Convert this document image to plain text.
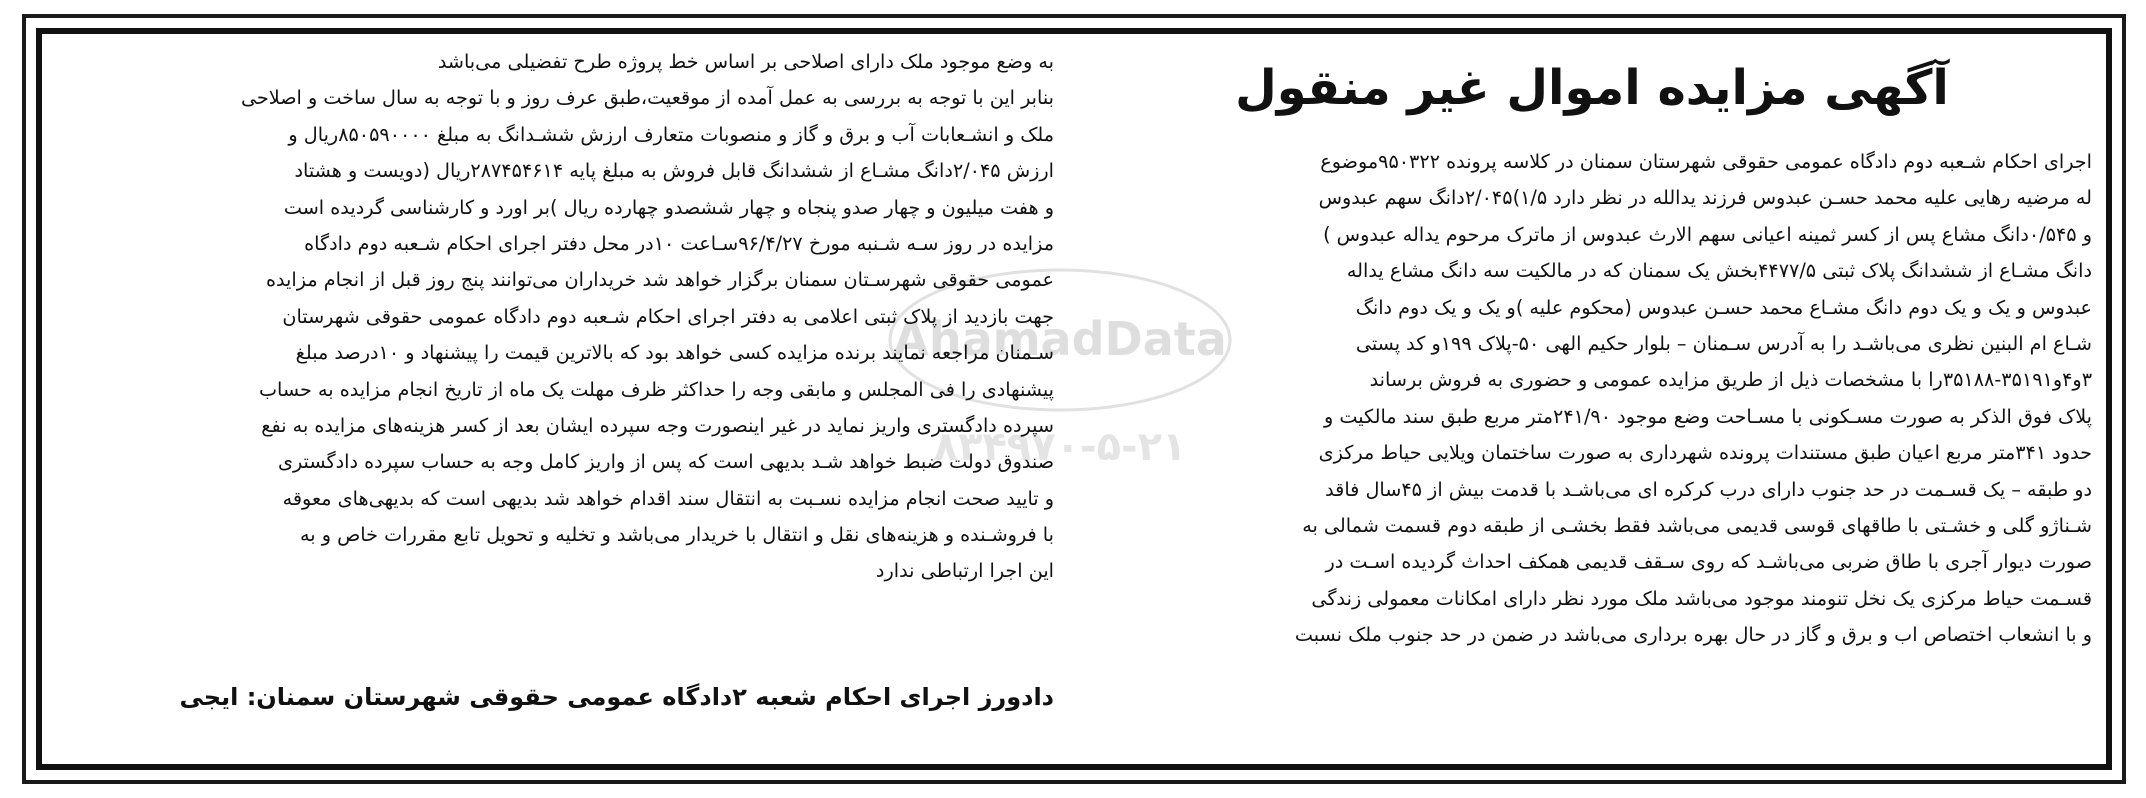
AhamadData
۸۳۴۹۷۰-۵-۲۱
آگهی مزایده اموال غیر منقول
اجرای احکام شـعبه دوم دادگاه عمومی حقوقی شهرستان سمنان در کلاسه پرونده ۹۵۰۳۲۲موضوع
له مرضیه رهایی علیه محمد حسـن عبدوس فرزند یدالله در نظر دارد ۱/۵)۲/۰۴۵دانگ سهم عبدوس
و ۰/۵۴۵دانگ مشاع پس از کسر ثمینه اعیانی سهم الارث عبدوس از ماترک مرحوم یداله عبدوس )
دانگ مشـاع از ششدانگ پلاک ثبتی ۴۴۷۷/۵بخش یک سمنان که در مالکیت سه دانگ مشاع یداله
عبدوس و یک و یک دوم دانگ مشـاع محمد حسـن عبدوس (محکوم علیه )و یک و یک دوم دانگ
شـاع ام البنین نظری می‌باشـد را به آدرس سـمنان – بلوار حکیم الهی ۵۰-پلاک ۱۹۹و کد پستی
۳و۴و۳۵۱۹۱-۳۵۱۸۸را با مشخصات ذیل از طریق مزایده عمومی و حضوری به فروش برساند
پلاک فوق الذکر به صورت مسـکونی با مسـاحت وضع موجود ۲۴۱/۹۰متر مربع طبق سند مالکیت و
حدود ۳۴۱متر مربع اعیان طبق مستندات پرونده شهرداری به صورت ساختمان ویلایی حیاط مرکزی
دو طبقه – یک قسـمت در حد جنوب دارای درب کرکره ای می‌باشـد با قدمت بیش از ۴۵سال فاقد
شـناژو گلی و خشـتی با طاقهای قوسی قدیمی می‌باشد فقط بخشـی از طبقه دوم قسمت شمالی به
صورت دیوار آجری با طاق ضربی می‌باشـد که روی سـقف قدیمی همکف احداث گردیده اسـت در
قسـمت حیاط مرکزی یک نخل تنومند موجود می‌باشد ملک مورد نظر دارای امکانات معمولی زندگی
و با انشعاب اختصاص اب و برق و گاز در حال بهره برداری می‌باشد در ضمن در حد جنوب ملک نسبت
به وضع موجود ملک دارای اصلاحی بر اساس خط پروژه طرح تفضیلی می‌باشد
بنابر این با توجه به بررسی به عمل آمده از موقعیت،طبق عرف روز و با توجه به سال ساخت و اصلاحی
ملک و انشـعابات آب و برق و گاز و منصوبات متعارف ارزش ششـدانگ به مبلغ ۸۵۰۵۹۰۰۰۰ریال و
ارزش ۲/۰۴۵دانگ مشـاع از ششدانگ قابل فروش به مبلغ پایه ۲۸۷۴۵۴۶۱۴ریال (دویست و هشتاد
و هفت میلیون و چهار صدو پنجاه و چهار ششصدو چهارده ریال )بر اورد و کارشناسی گردیده است
مزایده در روز سـه شـنبه مورخ ۹۶/۴/۲۷سـاعت ۱۰در محل دفتر اجرای احکام شـعبه دوم دادگاه
عمومی حقوقی شهرسـتان سمنان برگزار خواهد شد خریداران می‌توانند پنج روز قبل از انجام مزایده
جهت بازدید از پلاک ثبتی اعلامی به دفتر اجرای احکام شـعبه دوم دادگاه عمومی حقوقی شهرستان
سـمنان مراجعه نمایند برنده مزایده کسی خواهد بود که بالاترین قیمت را پیشنهاد و ۱۰درصد مبلغ
پیشنهادی را فی المجلس و مابقی وجه را حداکثر ظرف مهلت یک ماه از تاریخ انجام مزایده به حساب
سپرده دادگستری واریز نماید در غیر اینصورت وجه سپرده ایشان بعد از کسر هزینه‌های مزایده به نفع
صندوق دولت ضبط خواهد شـد بدیهی است که پس از واریز کامل وجه به حساب سپرده دادگستری
و تایید صحت انجام مزایده نسـبت به انتقال سند اقدام خواهد شد بدیهی است که بدیهی‌های معوقه
با فروشـنده و هزینه‌های نقل و انتقال با خریدار می‌باشد و تخلیه و تحویل تابع مقررات خاص و به
این اجرا ارتباطی ندارد
دادورز اجرای احکام شعبه ۲دادگاه عمومی حقوقی شهرستان سمنان: ایجی
